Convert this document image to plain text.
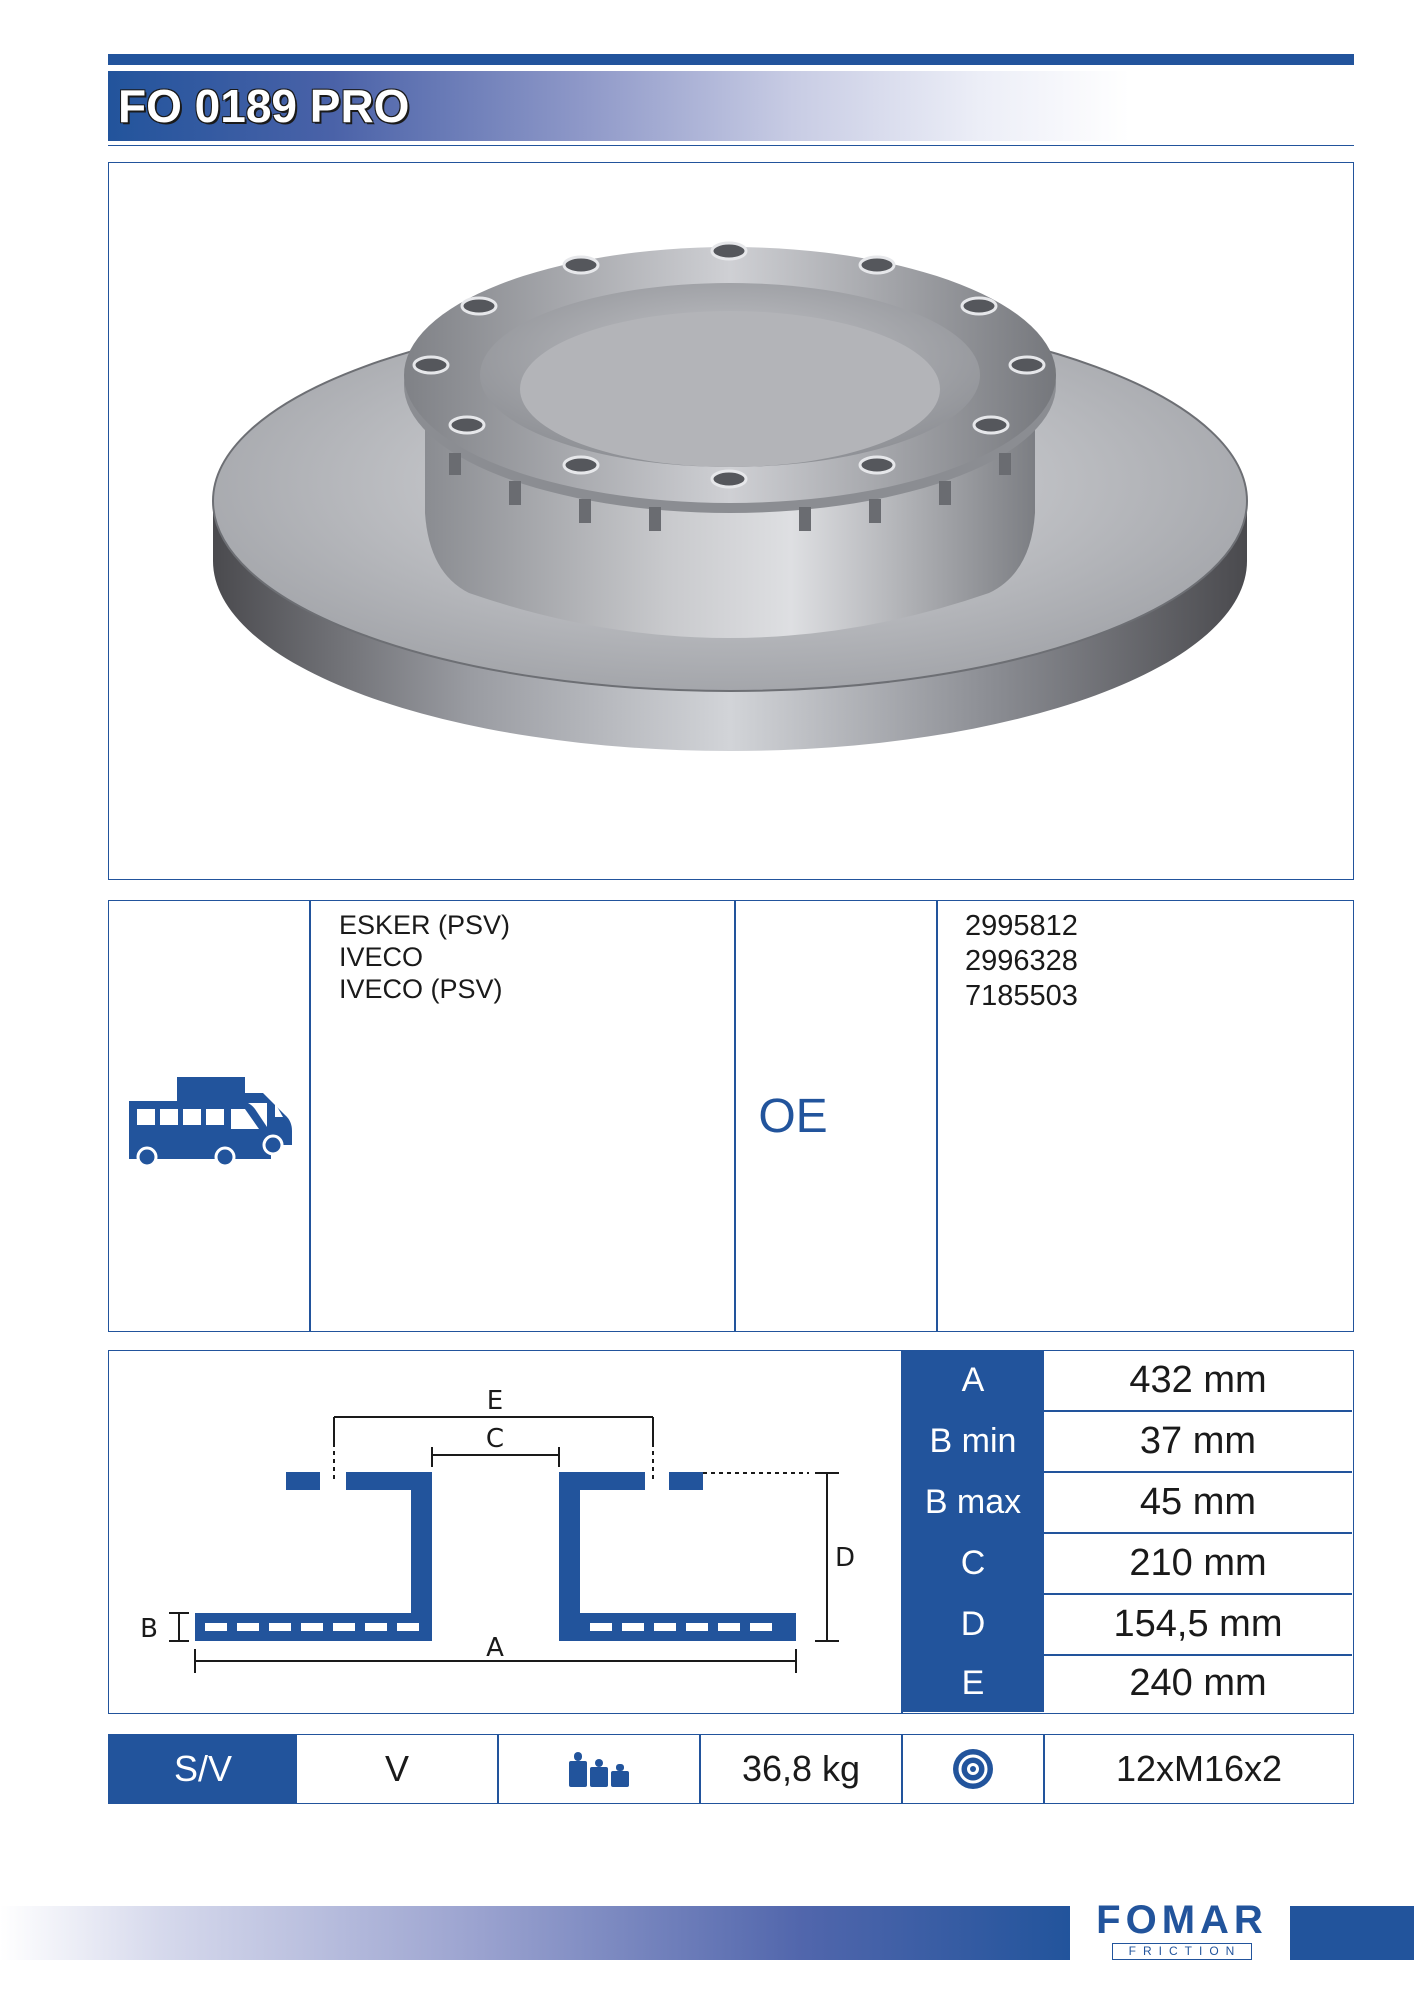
FO 0189 PRO
ESKER (PSV)
IVECO
IVECO (PSV)
OE
2995812
2996328
7185503
E
C
D
B
A
A	432 mm
B min	37 mm
B max	45 mm
C	210 mm
D	154,5 mm
E	240 mm
S/V	V	36,8 kg	12xM16x2
FOMAR
FRICTION
